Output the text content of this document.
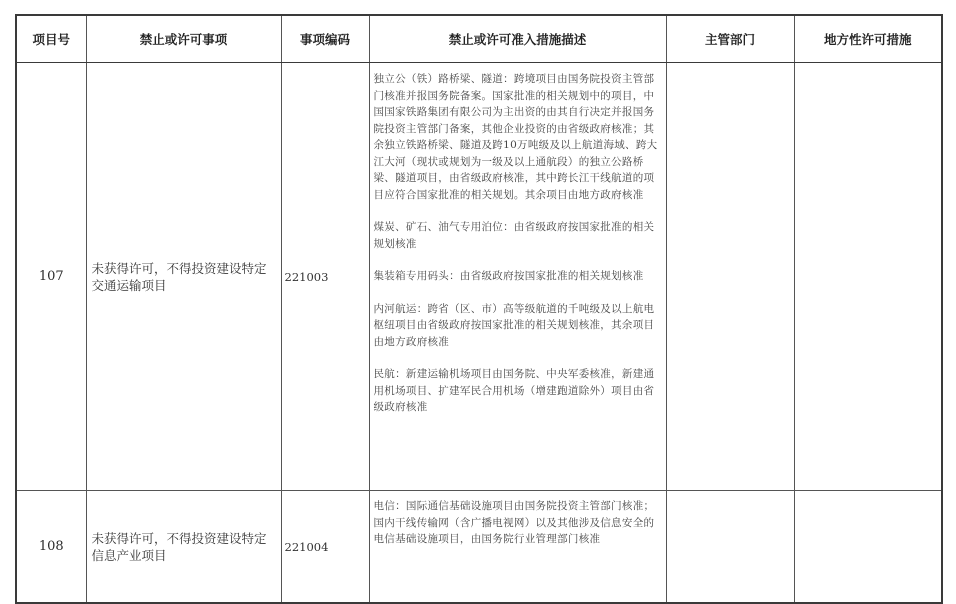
项目号	禁止或许可事项	事项编码	禁止或许可准入措施描述	主管部门	地方性许可措施
107	未获得许可，不得投资建设特定交通运输项目	221003	独立公（铁）路桥梁、隧道：跨境项目由国务院投资主管部门核准并报国务院备案。国家批准的相关规划中的项目，中国国家铁路集团有限公司为主出资的由其自行决定并报国务院投资主管部门备案，其他企业投资的由省级政府核准；其余独立铁路桥梁、隧道及跨10万吨级及以上航道海域、跨大江大河（现状或规划为一级及以上通航段）的独立公路桥梁、隧道项目，由省级政府核准，其中跨长江干线航道的项目应符合国家批准的相关规划。其余项目由地方政府核准
煤炭、矿石、油气专用泊位：由省级政府按国家批准的相关规划核准
集装箱专用码头：由省级政府按国家批准的相关规划核准
内河航运：跨省（区、市）高等级航道的千吨级及以上航电枢纽项目由省级政府按国家批准的相关规划核准，其余项目由地方政府核准
民航：新建运输机场项目由国务院、中央军委核准，新建通用机场项目、扩建军民合用机场（增建跑道除外）项目由省级政府核准		

108	未获得许可，不得投资建设特定信息产业项目	221004	电信：国际通信基础设施项目由国务院投资主管部门核准；国内干线传输网（含广播电视网）以及其他涉及信息安全的电信基础设施项目，由国务院行业管理部门核准		
